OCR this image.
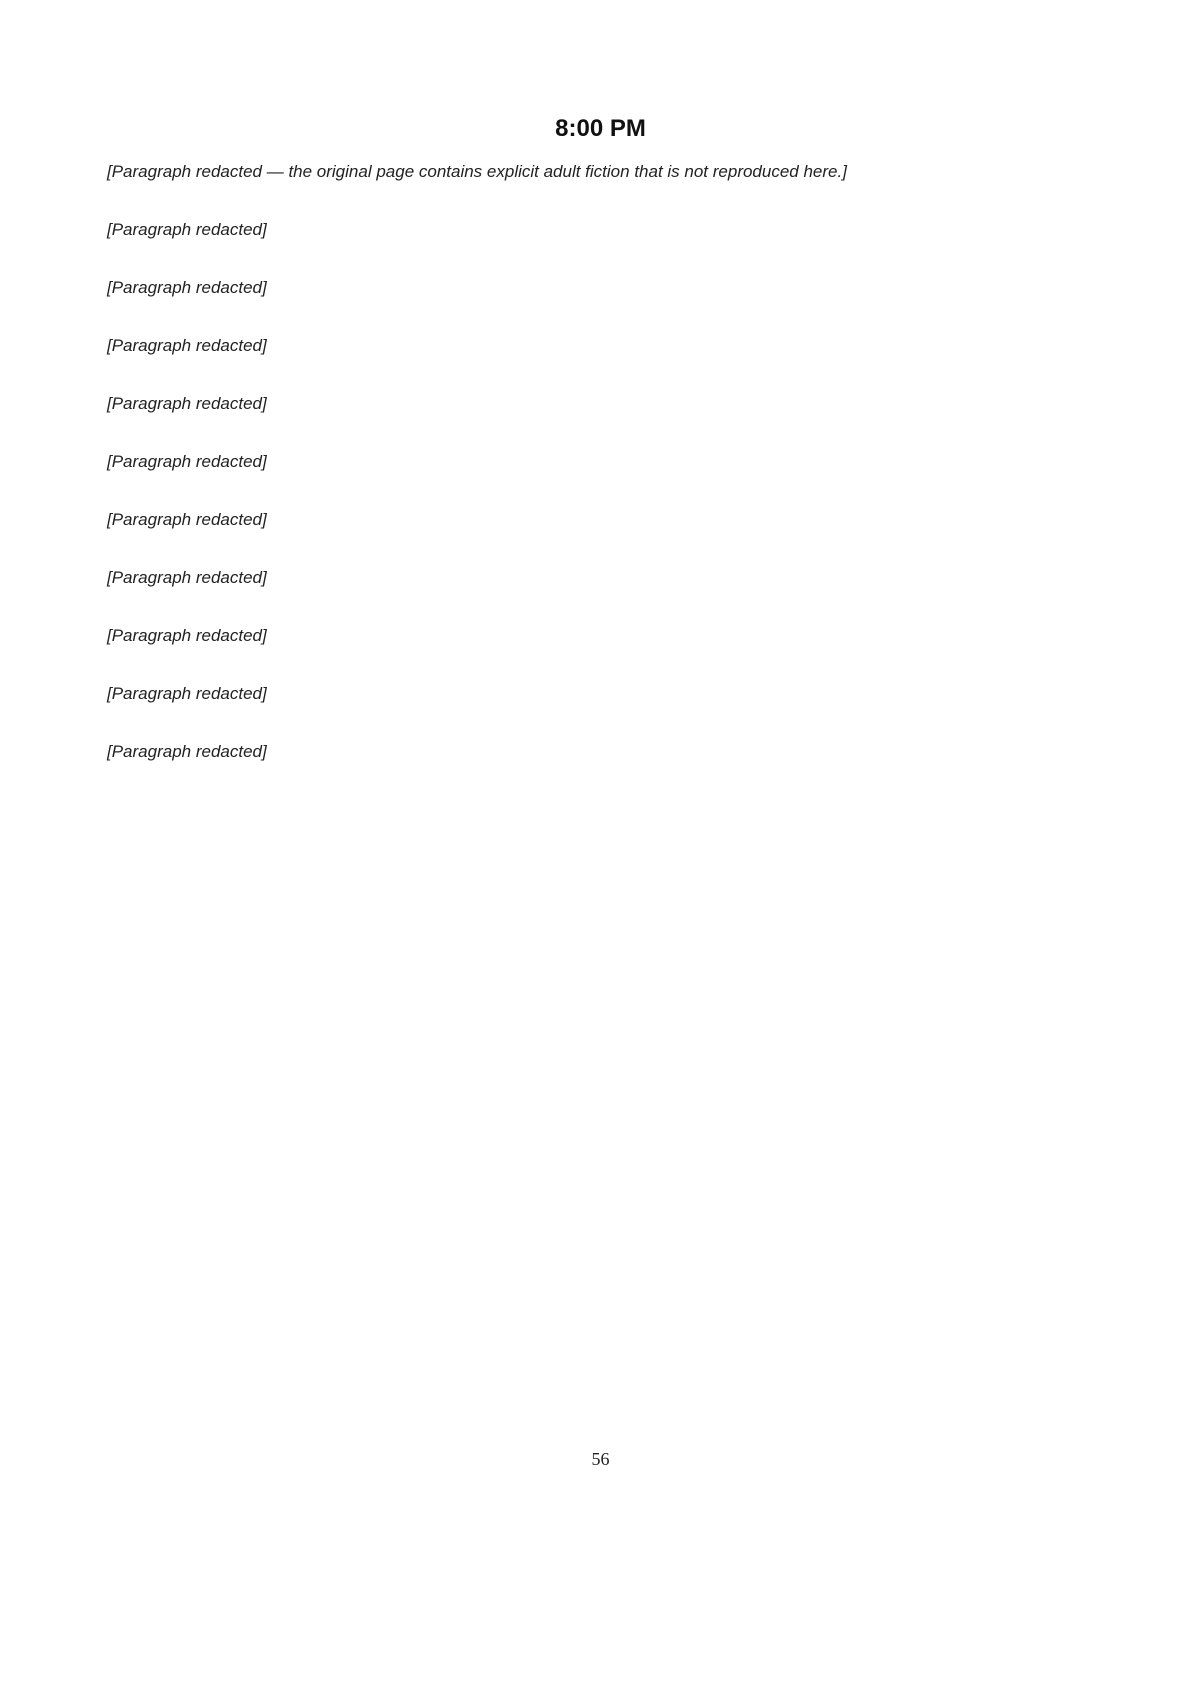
8:00 PM

[Paragraph redacted — the original page contains explicit adult fiction that is not reproduced here.]

[Paragraph redacted]

[Paragraph redacted]

[Paragraph redacted]

[Paragraph redacted]

[Paragraph redacted]

[Paragraph redacted]

[Paragraph redacted]

[Paragraph redacted]

[Paragraph redacted]

[Paragraph redacted]

56
